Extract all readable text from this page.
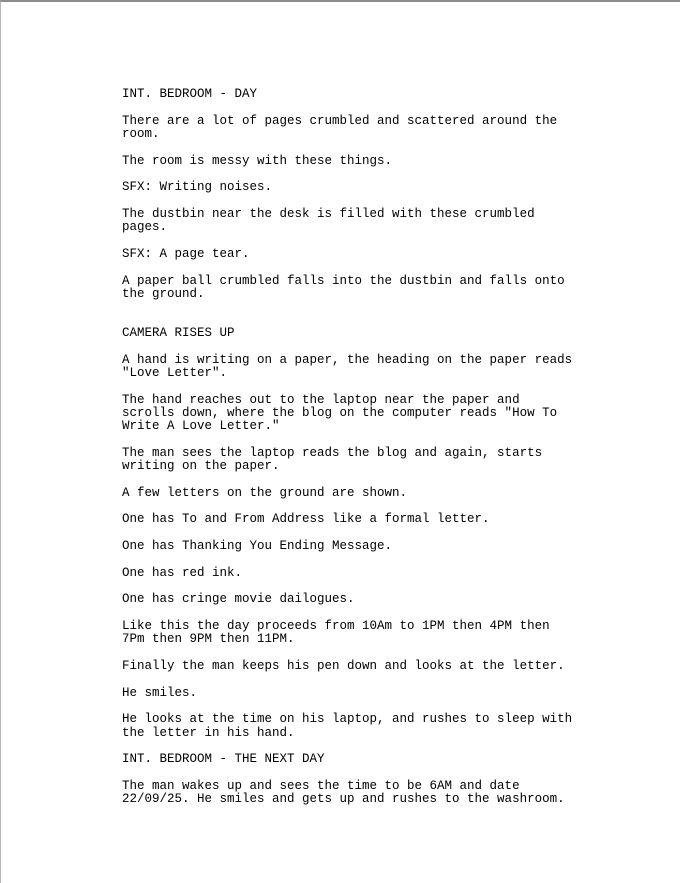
INT. BEDROOM - DAY

There are a lot of pages crumbled and scattered around the
room.

The room is messy with these things.

SFX: Writing noises.

The dustbin near the desk is filled with these crumbled
pages.

SFX: A page tear.

A paper ball crumbled falls into the dustbin and falls onto
the ground.

CAMERA RISES UP

A hand is writing on a paper, the heading on the paper reads
"Love Letter".

The hand reaches out to the laptop near the paper and
scrolls down, where the blog on the computer reads "How To
Write A Love Letter."

The man sees the laptop reads the blog and again, starts
writing on the paper.

A few letters on the ground are shown.

One has To and From Address like a formal letter.

One has Thanking You Ending Message.

One has red ink.

One has cringe movie dailogues.

Like this the day proceeds from 10Am to 1PM then 4PM then
7Pm then 9PM then 11PM.

Finally the man keeps his pen down and looks at the letter.

He smiles.

He looks at the time on his laptop, and rushes to sleep with
the letter in his hand.

INT. BEDROOM - THE NEXT DAY

The man wakes up and sees the time to be 6AM and date
22/09/25. He smiles and gets up and rushes to the washroom.
